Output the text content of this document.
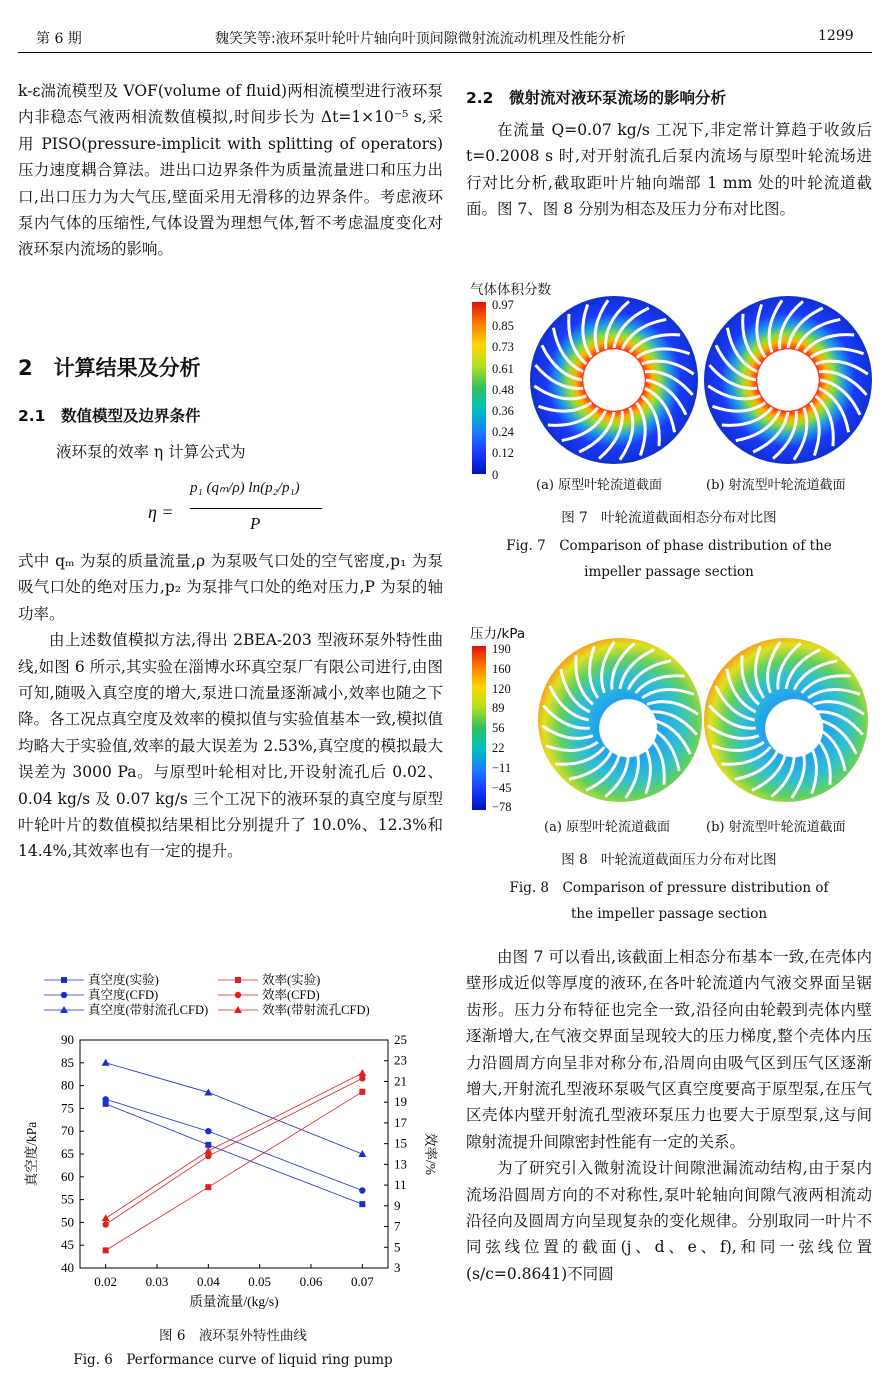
第 6 期	魏笑笑等:液环泵叶轮叶片轴向叶顶间隙微射流流动机理及性能分析	1299

k-ε湍流模型及 VOF(volume of fluid)两相流模型进行液环泵内非稳态气液两相流数值模拟,时间步长为 Δt=1×10⁻⁵ s,采用 PISO(pressure-implicit with splitting of operators)压力速度耦合算法。进出口边界条件为质量流量进口和压力出口,出口压力为大气压,壁面采用无滑移的边界条件。考虑液环泵内气体的压缩性,气体设置为理想气体,暂不考虑温度变化对液环泵内流场的影响。

2　计算结果及分析
2.1　数值模型及边界条件
液环泵的效率 η 计算公式为
η =
p₁ (qₘ/ρ) ln(p₂/p₁)
P

式中 qₘ 为泵的质量流量,ρ 为泵吸气口处的空气密度,p₁ 为泵吸气口处的绝对压力,p₂ 为泵排气口处的绝对压力,P 为泵的轴功率。

由上述数值模拟方法,得出 2BEA-203 型液环泵外特性曲线,如图 6 所示,其实验在淄博水环真空泵厂有限公司进行,由图可知,随吸入真空度的增大,泵进口流量逐渐减小,效率也随之下降。各工况点真空度及效率的模拟值与实验值基本一致,模拟值均略大于实验值,效率的最大误差为 2.53%,真空度的模拟最大误差为 3000 Pa。与原型叶轮相对比,开设射流孔后 0.02、0.04 kg/s 及 0.07 kg/s 三个工况下的液环泵的真空度与原型叶轮叶片的数值模拟结果相比分别提升了 10.0%、12.3%和 14.4%,其效率也有一定的提升。

40
45
50
55
60
65
70
75
80
85
90
3
5
7
9
11
13
15
17
19
21
23
25
0.02 0.03 0.04 0.05 0.06 0.07
质量流量/(kg/s)
真空度/kPa	效率/%
真空度(实验)
真空度(CFD)
真空度(带射流孔CFD)
效率(实验)
效率(CFD)
效率(带射流孔CFD)
图 6　液环泵外特性曲线
Fig. 6　Performance curve of liquid ring pump
2.2　微射流对液环泵流场的影响分析

在流量 Q=0.07 kg/s 工况下,非定常计算趋于收敛后 t=0.2008 s 时,对开射流孔后泵内流场与原型叶轮流场进行对比分析,截取距叶片轴向端部 1 mm 处的叶轮流道截面。图 7、图 8 分别为相态及压力分布对比图。

气体体积分数
0.97
0.85
0.73
0.61
0.48
0.36
0.24
0.12
0
(a) 原型叶轮流道截面	(b) 射流型叶轮流道截面
图 7　叶轮流道截面相态分布对比图
Fig. 7　Comparison of phase distribution of the
impeller passage section
压力/kPa
190
160
120
89
56
22
−11
−45
−78
(a) 原型叶轮流道截面	(b) 射流型叶轮流道截面
图 8　叶轮流道截面压力分布对比图
Fig. 8　Comparison of pressure distribution of
the impeller passage section

由图 7 可以看出,该截面上相态分布基本一致,在壳体内壁形成近似等厚度的液环,在各叶轮流道内气液交界面呈锯齿形。压力分布特征也完全一致,沿径向由轮毂到壳体内壁逐渐增大,在气液交界面呈现较大的压力梯度,整个壳体内压力沿圆周方向呈非对称分布,沿周向由吸气区到压气区逐渐增大,开射流孔型液环泵吸气区真空度要高于原型泵,在压气区壳体内壁开射流孔型液环泵压力也要大于原型泵,这与间隙射流提升间隙密封性能有一定的关系。

为了研究引入微射流设计间隙泄漏流动结构,由于泵内流场沿圆周方向的不对称性,泵叶轮轴向间隙气液两相流动沿径向及圆周方向呈现复杂的变化规律。分别取同一叶片不同弦线位置的截面(j、d、e、f),和同一弦线位置(s/c=0.8641)不同圆
